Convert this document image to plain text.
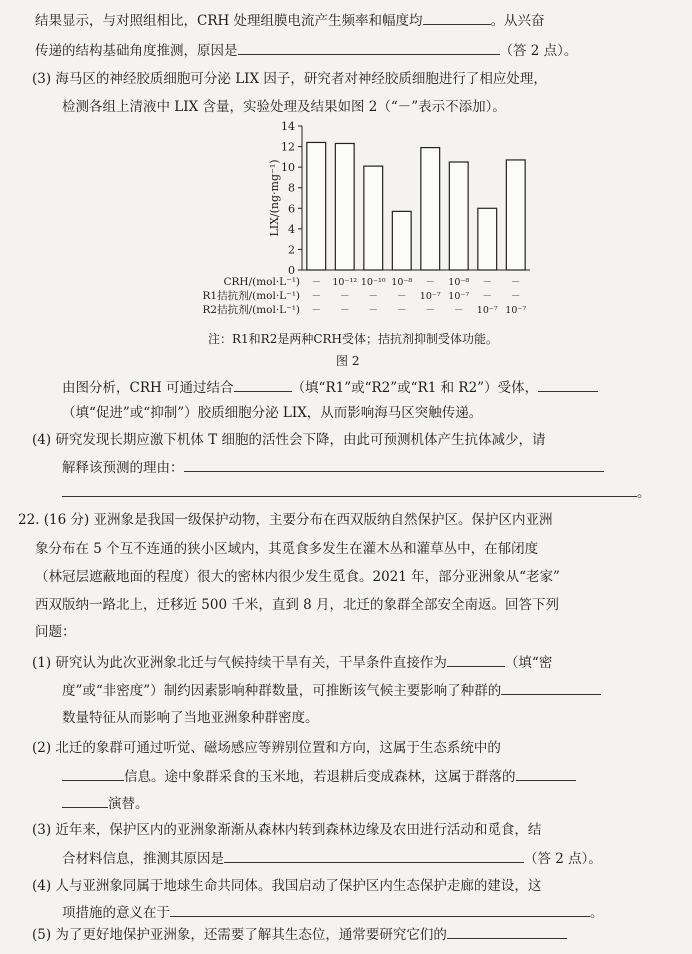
结果显示，与对照组相比，CRH 处理组膜电流产生频率和幅度均	。从兴奋
传递的结构基础角度推测，原因是	（答 2 点）。
(3) 海马区的神经胶质细胞可分泌 LIX 因子，研究者对神经胶质细胞进行了相应处理，
检测各组上清液中 LIX 含量，实验处理及结果如图 2（“－”表示不添加）。
0
2
4
6
8
10
12
14
LIX/(ng·mg⁻¹)
CRH/(mol·L⁻¹) － 10⁻¹² 10⁻¹⁰ 10⁻⁸ － 10⁻⁸ － －
R1拮抗剂/(mol·L⁻¹) － － － － 10⁻⁷ 10⁻⁷ － －
R2拮抗剂/(mol·L⁻¹) － － － － － － 10⁻⁷ 10⁻⁷
注：R1和R2是两种CRH受体；拮抗剂抑制受体功能。
图 2
由图分析，CRH 可通过结合	（填“R1”或“R2”或“R1 和 R2”）受体，
（填“促进”或“抑制”）胶质细胞分泌 LIX，从而影响海马区突触传递。
(4) 研究发现长期应激下机体 T 细胞的活性会下降，由此可预测机体产生抗体减少，请
解释该预测的理由：
。
22. (16 分) 亚洲象是我国一级保护动物，主要分布在西双版纳自然保护区。保护区内亚洲
象分布在 5 个互不连通的狭小区域内，其觅食多发生在灌木丛和灌草丛中，在郁闭度
（林冠层遮蔽地面的程度）很大的密林内很少发生觅食。2021 年，部分亚洲象从“老家”
西双版纳一路北上，迁移近 500 千米，直到 8 月，北迁的象群全部安全南返。回答下列
问题：
(1) 研究认为此次亚洲象北迁与气候持续干旱有关，干旱条件直接作为	（填“密
度”或“非密度”）制约因素影响种群数量，可推断该气候主要影响了种群的
数量特征从而影响了当地亚洲象种群密度。
(2) 北迁的象群可通过听觉、磁场感应等辨别位置和方向，这属于生态系统中的
信息。途中象群采食的玉米地，若退耕后变成森林，这属于群落的
演替。
(3) 近年来，保护区内的亚洲象渐渐从森林内转到森林边缘及农田进行活动和觅食，结
合材料信息，推测其原因是	（答 2 点）。
(4) 人与亚洲象同属于地球生命共同体。我国启动了保护区内生态保护走廊的建设，这
项措施的意义在于	。
(5) 为了更好地保护亚洲象，还需要了解其生态位，通常要研究它们的
